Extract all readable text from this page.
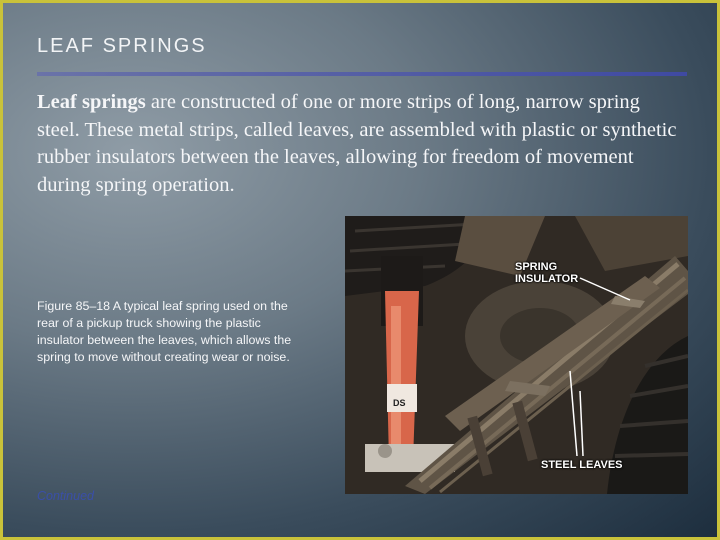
LEAF SPRINGS

Leaf springs are constructed of one or more strips of long, narrow spring steel. These metal strips, called leaves, are assembled with plastic or synthetic rubber insulators between the leaves, allowing for freedom of movement during spring operation.

Figure 85–18 A typical leaf spring used on the rear of a pickup truck showing the plastic insulator between the leaves, which allows the spring to move without creating wear or noise.

Continued

DS
SPRING
INSULATOR
STEEL LEAVES
